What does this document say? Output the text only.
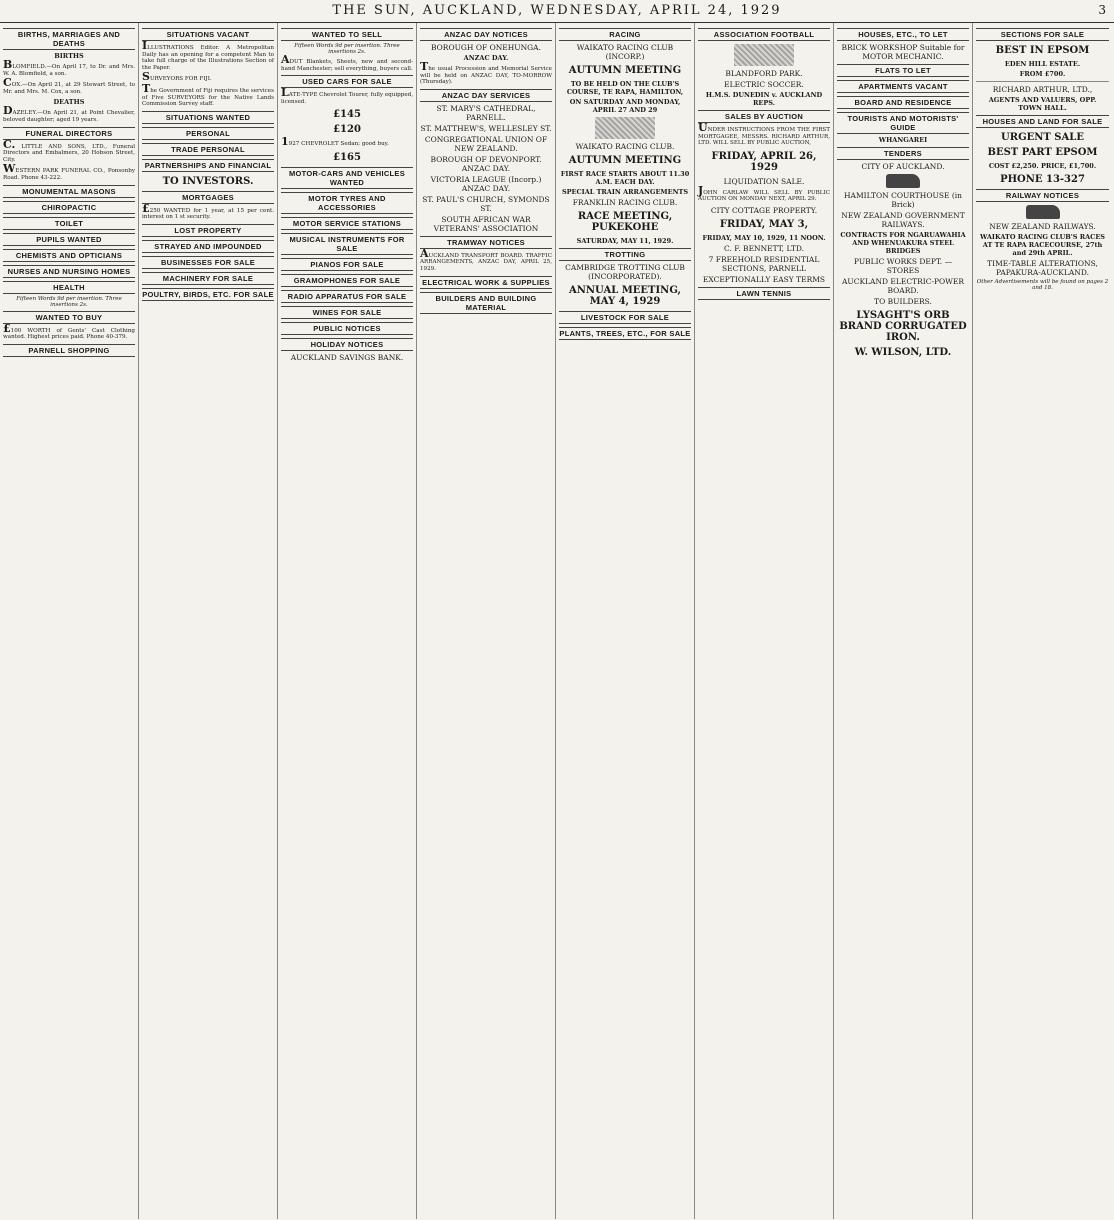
THE SUN, AUCKLAND, WEDNESDAY, APRIL 24, 1929	3
BIRTHS, MARRIAGES AND DEATHS
BIRTHS

BLOMFIELD.—On April 17, to Dr. and Mrs. W. A. Blomfield, a son.

COX.—On April 21, at 29 Stewart Street, to Mr. and Mrs. M. Cox, a son.

DEATHS

DAZELEY.—On April 21, at Point Chevalier, beloved daughter; aged 19 years.

FUNERAL DIRECTORS

C. LITTLE AND SONS, LTD., Funeral Directors and Embalmers, 20 Hobson Street, City.

WESTERN PARK FUNERAL CO., Ponsonby Road. Phone 43-222.

MONUMENTAL MASONS
CHIROPACTIC
TOILET
PUPILS WANTED
CHEMISTS AND OPTICIANS
NURSES AND NURSING HOMES
HEALTH
Fifteen Words 9d per insertion. Three insertions 2s.
WANTED TO BUY

£100 WORTH of Gents' Cast Clothing wanted. Highest prices paid. Phone 40-379.

PARNELL SHOPPING
SITUATIONS VACANT

ILLUSTRATIONS Editor. A Metropolitan Daily has an opening for a competent Man to take full charge of the Illustrations Section of the Paper.

SURVEYORS FOR FIJI.

The Government of Fiji requires the services of Five SURVEYORS for the Native Lands Commission Survey staff.

SITUATIONS WANTED
PERSONAL
TRADE PERSONAL
PARTNERSHIPS AND FINANCIAL
TO INVESTORS.
MORTGAGES

£250 WANTED for 1 year, at 15 per cent. interest on 1 st security.

LOST PROPERTY
STRAYED AND IMPOUNDED
BUSINESSES FOR SALE
MACHINERY FOR SALE
POULTRY, BIRDS, ETC. FOR SALE
WANTED TO SELL
Fifteen Words 9d per insertion. Three insertions 2s.

ADUT Blankets, Sheets, new and second-hand Manchester; sell everything, buyers call.

USED CARS FOR SALE

LATE-TYPE Chevrolet Tourer, fully equipped, licensed.

£145
£120

1927 CHEVROLET Sedan; good buy.

£165
MOTOR-CARS AND VEHICLES WANTED
MOTOR TYRES AND ACCESSORIES
MOTOR SERVICE STATIONS
MUSICAL INSTRUMENTS FOR SALE
PIANOS FOR SALE
GRAMOPHONES FOR SALE
RADIO APPARATUS FOR SALE
WINES FOR SALE
PUBLIC NOTICES
HOLIDAY NOTICES
AUCKLAND SAVINGS BANK.
ANZAC DAY NOTICES
BOROUGH OF ONEHUNGA.
ANZAC DAY.

The usual Procession and Memorial Service will be held on ANZAC DAY, TO-MORROW (Thursday).

ANZAC DAY SERVICES
ST. MARY'S CATHEDRAL, PARNELL.
ST. MATTHEW'S, WELLESLEY ST.
CONGREGATIONAL UNION OF NEW ZEALAND.
BOROUGH OF DEVONPORT. ANZAC DAY.
VICTORIA LEAGUE (Incorp.) ANZAC DAY.
ST. PAUL'S CHURCH, SYMONDS ST.
SOUTH AFRICAN WAR VETERANS' ASSOCIATION
TRAMWAY NOTICES

AUCKLAND TRANSPORT BOARD. TRAFFIC ARRANGEMENTS, ANZAC DAY, APRIL 25, 1929.

ELECTRICAL WORK & SUPPLIES
BUILDERS AND BUILDING MATERIAL
RACING
WAIKATO RACING CLUB (INCORP.)
AUTUMN MEETING
TO BE HELD ON THE CLUB'S COURSE, TE RAPA, HAMILTON,
ON SATURDAY AND MONDAY, APRIL 27 AND 29
WAIKATO RACING CLUB.
AUTUMN MEETING
FIRST RACE STARTS ABOUT 11.30 A.M. EACH DAY.
SPECIAL TRAIN ARRANGEMENTS
FRANKLIN RACING CLUB.
RACE MEETING, PUKEKOHE
SATURDAY, MAY 11, 1929.
TROTTING
CAMBRIDGE TROTTING CLUB (INCORPORATED).
ANNUAL MEETING, MAY 4, 1929
LIVESTOCK FOR SALE
PLANTS, TREES, ETC., FOR SALE
ASSOCIATION FOOTBALL
BLANDFORD PARK.
ELECTRIC SOCCER.
H.M.S. DUNEDIN v. AUCKLAND REPS.
SALES BY AUCTION

UNDER INSTRUCTIONS FROM THE FIRST MORTGAGEE, MESSRS. RICHARD ARTHUR, LTD. WILL SELL BY PUBLIC AUCTION,

FRIDAY, APRIL 26, 1929
LIQUIDATION SALE.

JOHN CARLAW WILL SELL BY PUBLIC AUCTION ON MONDAY NEXT, APRIL 29.

CITY COTTAGE PROPERTY.
FRIDAY, MAY 3,
FRIDAY, MAY 10, 1929, 11 NOON.
C. F. BENNETT, LTD.
7 FREEHOLD RESIDENTIAL SECTIONS, PARNELL
EXCEPTIONALLY EASY TERMS
LAWN TENNIS
HOUSES, ETC., TO LET
BRICK WORKSHOP Suitable for MOTOR MECHANIC.
FLATS TO LET
APARTMENTS VACANT
BOARD AND RESIDENCE
TOURISTS AND MOTORISTS' GUIDE
WHANGAREI
TENDERS
CITY OF AUCKLAND.
HAMILTON COURTHOUSE (in Brick)
NEW ZEALAND GOVERNMENT RAILWAYS.
CONTRACTS FOR NGARUAWAHIA AND WHENUAKURA STEEL BRIDGES
PUBLIC WORKS DEPT. — STORES
AUCKLAND ELECTRIC-POWER BOARD.
TO BUILDERS.
LYSAGHT'S ORB BRAND CORRUGATED IRON.
W. WILSON, LTD.
SECTIONS FOR SALE
BEST IN EPSOM
EDEN HILL ESTATE.
FROM £700.
RICHARD ARTHUR, LTD.,
AGENTS AND VALUERS, OPP. TOWN HALL.
HOUSES AND LAND FOR SALE
URGENT SALE
BEST PART EPSOM
COST £2,250. PRICE, £1,700.
PHONE 13-327
RAILWAY NOTICES
NEW ZEALAND RAILWAYS.
WAIKATO RACING CLUB'S RACES AT TE RAPA RACECOURSE, 27th and 29th APRIL.
TIME-TABLE ALTERATIONS, PAPAKURA-AUCKLAND.
Other Advertisements will be found on pages 2 and 18.
